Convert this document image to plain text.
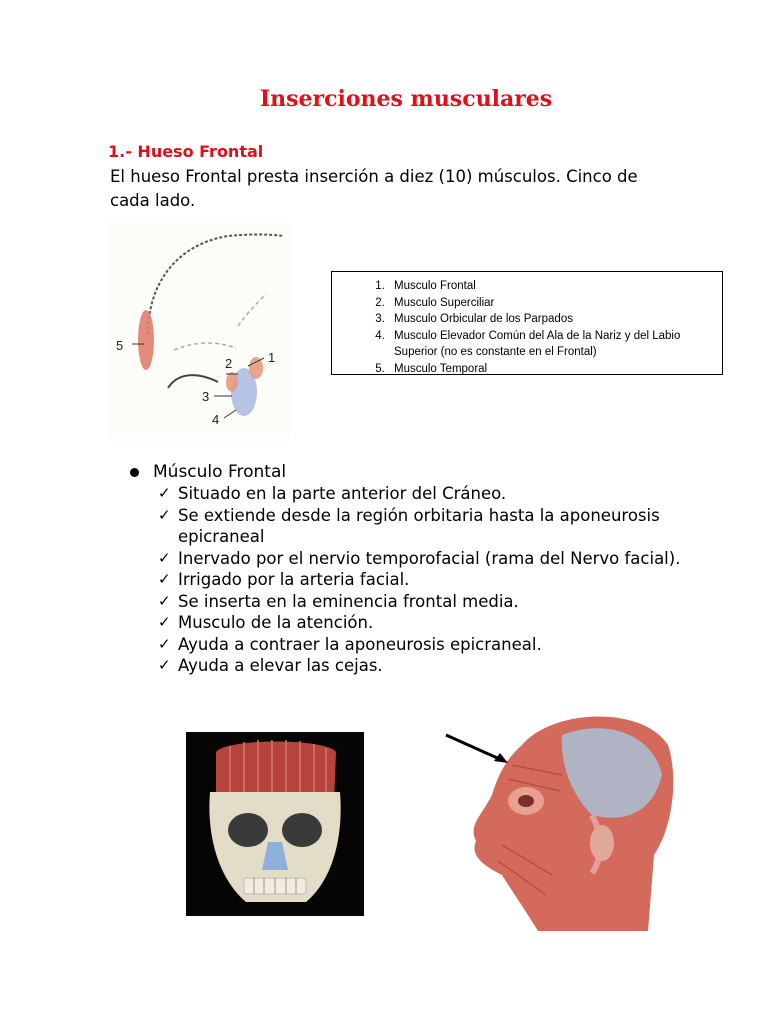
Inserciones musculares
1.- Hueso Frontal
El hueso Frontal presta inserción a diez (10) músculos. Cinco de cada lado.
1
2
3
4
5
1. Musculo Frontal
2. Musculo Superciliar
3. Musculo Orbicular de los Parpados
4. Musculo Elevador Común del Ala de la Nariz y del Labio Superior (no es constante en el Frontal)
5. Musculo Temporal
Músculo Frontal
✓ Situado en la parte anterior del Cráneo.
✓ Se extiende desde la región orbitaria hasta la aponeurosis epicraneal
✓ Inervado por el nervio temporofacial (rama del Nervo facial).
✓ Irrigado por la arteria facial.
✓ Se inserta en la eminencia frontal media.
✓ Musculo de la atención.
✓ Ayuda a contraer la aponeurosis epicraneal.
✓ Ayuda a elevar las cejas.
